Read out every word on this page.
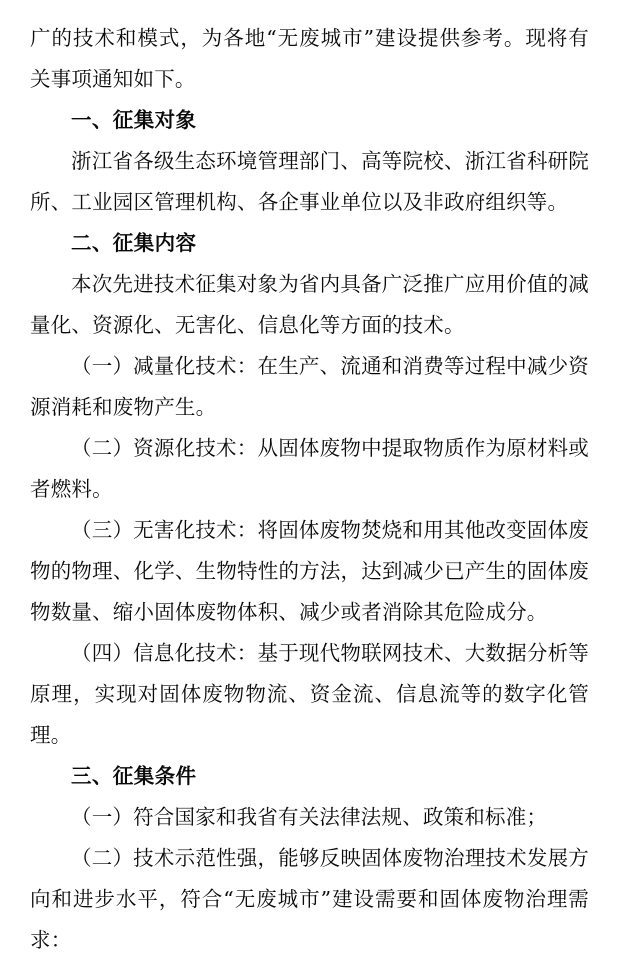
广的技术和模式，为各地“无废城市”建设提供参考。现将有关事项通知如下。

一、征集对象

浙江省各级生态环境管理部门、高等院校、浙江省科研院所、工业园区管理机构、各企事业单位以及非政府组织等。

二、征集内容

本次先进技术征集对象为省内具备广泛推广应用价值的减量化、资源化、无害化、信息化等方面的技术。

（一）减量化技术：在生产、流通和消费等过程中减少资源消耗和废物产生。

（二）资源化技术：从固体废物中提取物质作为原材料或者燃料。

（三）无害化技术：将固体废物焚烧和用其他改变固体废物的物理、化学、生物特性的方法，达到减少已产生的固体废物数量、缩小固体废物体积、减少或者消除其危险成分。

（四）信息化技术：基于现代物联网技术、大数据分析等原理，实现对固体废物物流、资金流、信息流等的数字化管理。

三、征集条件

（一）符合国家和我省有关法律法规、政策和标准；

（二）技术示范性强，能够反映固体废物治理技术发展方向和进步水平，符合“无废城市”建设需要和固体废物治理需求：
